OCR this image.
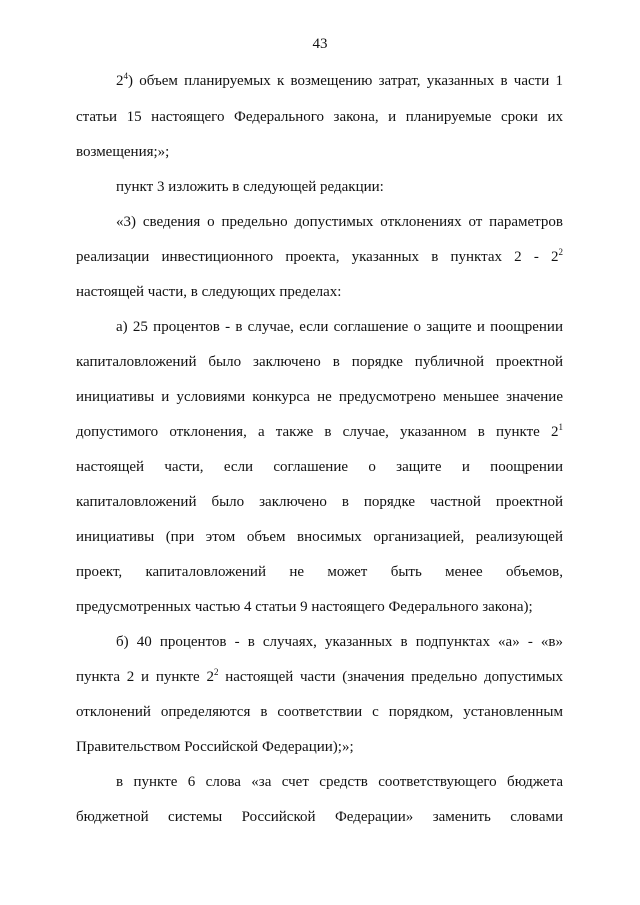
43
$2^4$) объем планируемых к возмещению затрат, указанных в части 1
статьи 15 настоящего Федерального закона, и планируемые сроки их
возмещения;»;
пункт 3 изложить в следующей редакции:
«3) сведения о предельно допустимых отклонениях от параметров
реализации инвестиционного проекта, указанных в пунктах $2 - 2^2$
настоящей части, в следующих пределах:
а) 25 процентов - в случае, если соглашение о защите и поощрении
капиталовложений было заключено в порядке публичной проектной
инициативы и условиями конкурса не предусмотрено меньшее значение
допустимого отклонения, а также в случае, указанном в пункте $2^1$
настоящей части, если соглашение о защите и поощрении
капиталовложений было заключено в порядке частной проектной
инициативы (при этом объем вносимых организацией, реализующей
проект, капиталовложений не может быть менее объемов,
предусмотренных частью 4 статьи 9 настоящего Федерального закона);
б) 40 процентов - в случаях, указанных в подпунктах «а» - «в»
пункта 2 и пункте $2^2$ настоящей части (значения предельно допустимых
отклонений определяются в соответствии с порядком, установленным
Правительством Российской Федерации);»;
в пункте 6 слова «за счет средств соответствующего бюджета
бюджетной системы Российской Федерации» заменить словами
